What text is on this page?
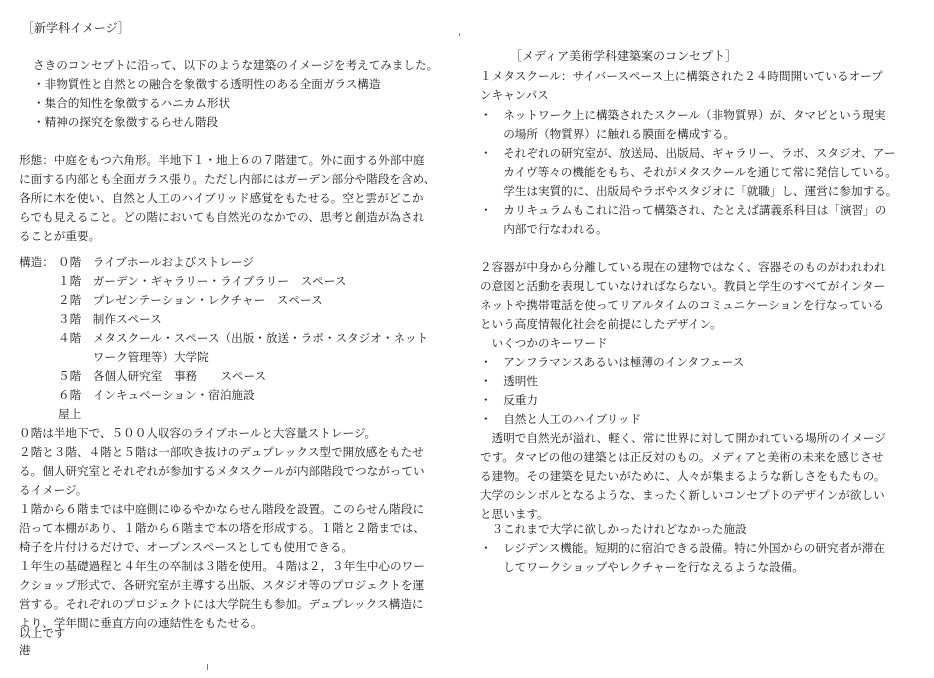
［新学科イメージ］
さきのコンセプトに沿って、以下のような建築のイメージを考えてみました。
・非物質性と自然との融合を象徴する透明性のある全面ガラス構造
・集合的知性を象徴するハニカム形状
・精神の探究を象徴するらせん階段
形態：中庭をもつ六角形。半地下１・地上６の７階建て。外に面する外部中庭
に面する内部とも全面ガラス張り。ただし内部にはガーデン部分や階段を含め、
各所に木を使い、自然と人工のハイブリッド感覚をもたせる。空と雲がどこか
らでも見えること。どの階においても自然光のなかでの、思考と創造が為され
ることが重要。
構造： ０階　ライブホールおよびストレージ
１階　ガーデン・ギャラリー・ライブラリー　スペース
２階　プレゼンテーション・レクチャー　スペース
３階　制作スペース
４階　メタスクール・スペース（出版・放送・ラボ・スタジオ・ネット
　　　ワーク管理等）大学院
５階　各個人研究室　事務　　スペース
６階　インキュベーション・宿泊施設
屋上
０階は半地下で、５００人収容のライブホールと大容量ストレージ。
２階と３階、４階と５階は一部吹き抜けのデュプレックス型で開放感をもたせ
る。個人研究室とそれぞれが参加するメタスクールが内部階段でつながってい
るイメージ。
１階から６階までは中庭側にゆるやかならせん階段を設置。このらせん階段に
沿って本棚があり、１階から６階まで本の塔を形成する。１階と２階までは、
椅子を片付けるだけで、オープンスペースとしても使用できる。
１年生の基礎過程と４年生の卒制は３階を使用。４階は２，３年生中心のワー
クショップ形式で、各研究室が主導する出版、スタジオ等のプロジェクトを運
営する。それぞれのプロジェクトには大学院生も参加。デュプレックス構造に
より、学年間に垂直方向の連結性をもたせる。
以上です
港
［メディア美術学科建築案のコンセプト］
１メタスクール：サイバースペース上に構築された２４時間開いているオープ
ンキャンパス
・　ネットワーク上に構築されたスクール（非物質界）が、タマビという現実
　　の場所（物質界）に触れる膜面を構成する。
・　それぞれの研究室が、放送局、出版局、ギャラリー、ラボ、スタジオ、アー
　　カイヴ等々の機能をもち、それがメタスクールを通じて常に発信している。
　　学生は実質的に、出版局やラボやスタジオに「就職」し、運営に参加する。
・　カリキュラムもこれに沿って構築され、たとえば講義系科目は「演習」の
　　内部で行なわれる。
２容器が中身から分離している現在の建物ではなく、容器そのものがわれわれ
の意図と活動を表現していなければならない。教員と学生のすべてがインター
ネットや携帯電話を使ってリアルタイムのコミュニケーションを行なっている
という高度情報化社会を前提にしたデザイン。
　いくつかのキーワード
・　アンフラマンスあるいは極薄のインタフェース
・　透明性
・　反重力
・　自然と人工のハイブリッド
　透明で自然光が溢れ、軽く、常に世界に対して開かれている場所のイメージ
です。タマビの他の建築とは正反対のもの。メディアと美術の未来を感じさせ
る建物。その建築を見たいがために、人々が集まるような新しさをもたもの。
大学のシンボルとなるような、まったく新しいコンセプトのデザインが欲しい
と思います。
　３これまで大学に欲しかったけれどなかった施設
・　レジデンス機能。短期的に宿泊できる設備。特に外国からの研究者が滞在
　　してワークショップやレクチャーを行なえるような設備。
